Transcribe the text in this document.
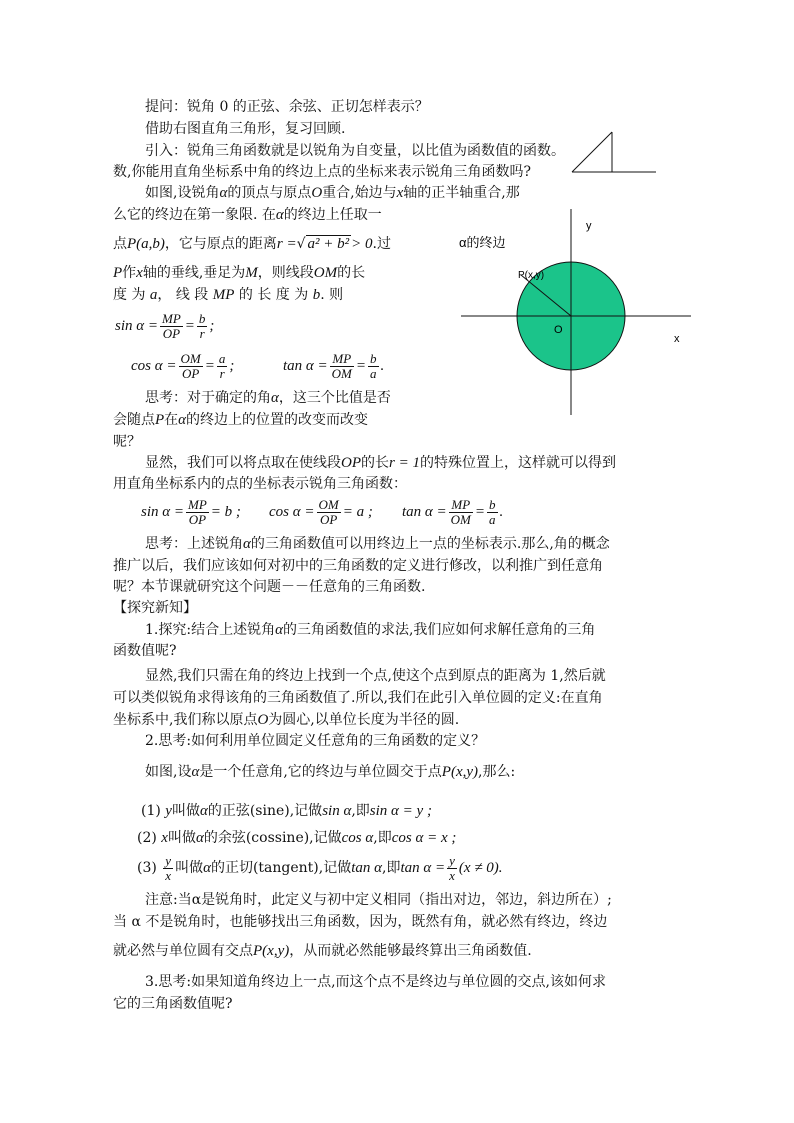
提问：锐角 0 的正弦、余弦、正切怎样表示？
借助右图直角三角形，复习回顾.
引入：锐角三角函数就是以锐角为自变量，以比值为函数值的函数。
数,你能用直角坐标系中角的终边上点的坐标来表示锐角三角函数吗?
如图,设锐角α的顶点与原点O重合,始边与x轴的正半轴重合,那
么它的终边在第一象限. 在α的终边上任取一
点P(a,b)，它与原点的距离r =√ a² + b² > 0.过
P作x轴的垂线,垂足为M，则线段OM的长
度 为 a， 线 段 MP 的 长 度 为 b. 则
$\sin \alpha = \frac{MP}{OP} = \frac{b}{r}$ ;
$\cos \alpha = \frac{OM}{OP} = \frac{a}{r}$ ;	$\tan \alpha = \frac{MP}{OM} = \frac{b}{a}$ .
思考：对于确定的角α，这三个比值是否
会随点P在α的终边上的位置的改变而改变
呢？
y
x
O
P(x,y)
α的终边
显然，我们可以将点取在使线段OP的长r = 1的特殊位置上，这样就可以得到
用直角坐标系内的点的坐标表示锐角三角函数：
$\sin \alpha = \frac{MP}{OP} = b$ ; $\cos \alpha = \frac{OM}{OP} = a$ ; $\tan \alpha = \frac{MP}{OM} = \frac{b}{a}$ .
思考：上述锐角α的三角函数值可以用终边上一点的坐标表示.那么,角的概念
推广以后，我们应该如何对初中的三角函数的定义进行修改，以利推广到任意角
呢？本节课就研究这个问题－－任意角的三角函数.
【探究新知】
1.探究:结合上述锐角α的三角函数值的求法,我们应如何求解任意角的三角
函数值呢?
显然,我们只需在角的终边上找到一个点,使这个点到原点的距离为 1,然后就
可以类似锐角求得该角的三角函数值了.所以,我们在此引入单位圆的定义:在直角
坐标系中,我们称以原点O为圆心,以单位长度为半径的圆.
2.思考:如何利用单位圆定义任意角的三角函数的定义？
如图,设α是一个任意角,它的终边与单位圆交于点P(x,y),那么:
(1) y叫做α的正弦(sine),记做sin α,即sin α = y ;
(2) x叫做α的余弦(cossine),记做cos α,即cos α = x ;
$(3) \frac{y}{x}$ 叫做α的正切(tangent),记做tan α,即$\tan \alpha = \frac{y}{x} (x \ne 0)$.
注意:当α是锐角时，此定义与初中定义相同（指出对边，邻边，斜边所在）;
当 α 不是锐角时，也能够找出三角函数，因为，既然有角，就必然有终边，终边
就必然与单位圆有交点P(x,y)，从而就必然能够最终算出三角函数值.
3.思考:如果知道角终边上一点,而这个点不是终边与单位圆的交点,该如何求
它的三角函数值呢?
